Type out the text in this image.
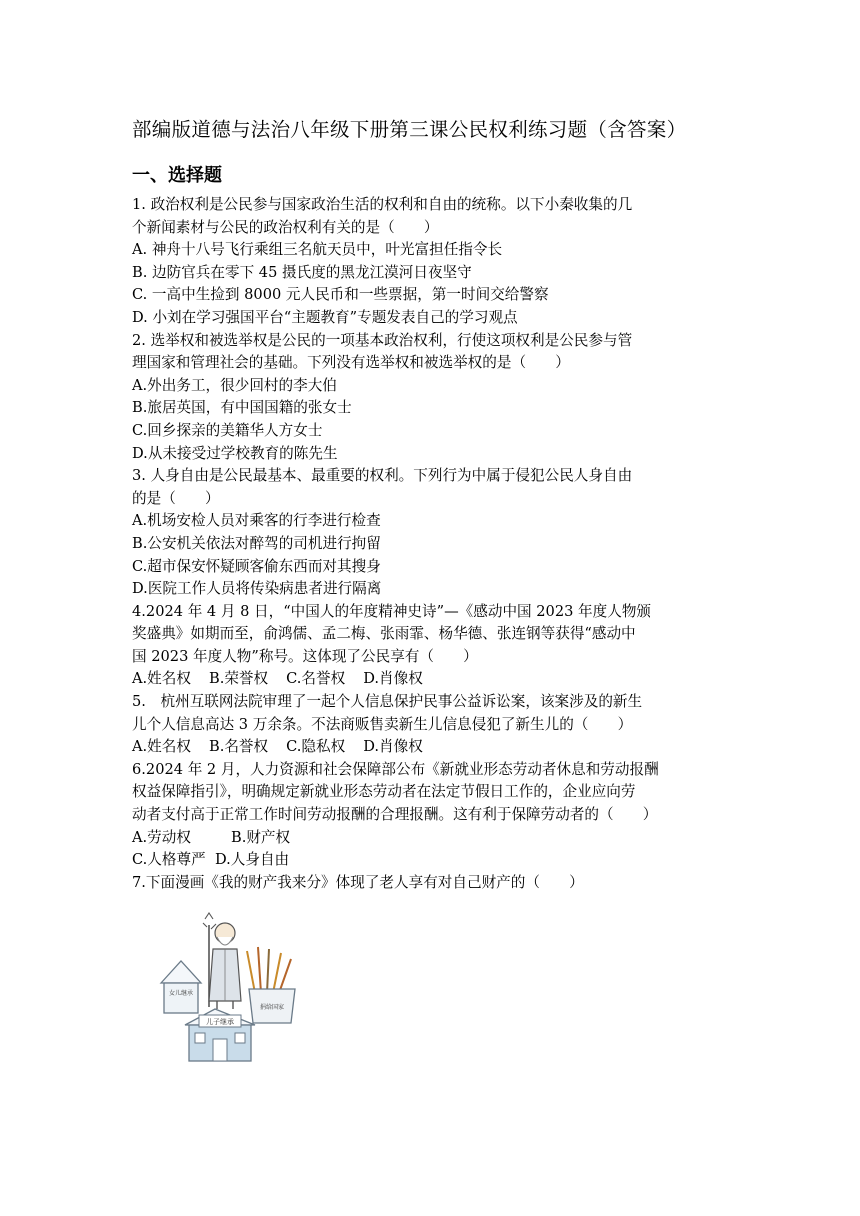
部编版道德与法治八年级下册第三课公民权利练习题（含答案）
一、选择题
1. 政治权利是公民参与国家政治生活的权利和自由的统称。以下小秦收集的几
个新闻素材与公民的政治权利有关的是（　　）
A. 神舟十八号飞行乘组三名航天员中，叶光富担任指令长
B. 边防官兵在零下 45 摄氏度的黑龙江漠河日夜坚守
C. 一高中生捡到 8000 元人民币和一些票据，第一时间交给警察
D. 小刘在学习强国平台“主题教育”专题发表自己的学习观点
2. 选举权和被选举权是公民的一项基本政治权利，行使这项权利是公民参与管
理国家和管理社会的基础。下列没有选举权和被选举权的是（　　）
A.外出务工，很少回村的李大伯
B.旅居英国，有中国国籍的张女士
C.回乡探亲的美籍华人方女士
D.从未接受过学校教育的陈先生
3. 人身自由是公民最基本、最重要的权利。下列行为中属于侵犯公民人身自由
的是（　　）
A.机场安检人员对乘客的行李进行检查
B.公安机关依法对醉驾的司机进行拘留
C.超市保安怀疑顾客偷东西而对其搜身
D.医院工作人员将传染病患者进行隔离
4.2024 年 4 月 8 日，“中国人的年度精神史诗”—《感动中国 2023 年度人物颁
奖盛典》如期而至，俞鸿儒、孟二梅、张雨霏、杨华德、张连钢等获得“感动中
国 2023 年度人物”称号。这体现了公民享有（　　）
A.姓名权 B.荣誉权 C.名誉权 D.肖像权
5.　杭州互联网法院审理了一起个人信息保护民事公益诉讼案，该案涉及的新生
儿个人信息高达 3 万余条。不法商贩售卖新生儿信息侵犯了新生儿的（　　）
A.姓名权 B.名誉权 C.隐私权 D.肖像权
6.2024 年 2 月，人力资源和社会保障部公布《新就业形态劳动者休息和劳动报酬
权益保障指引》，明确规定新就业形态劳动者在法定节假日工作的，企业应向劳
动者支付高于正常工作时间劳动报酬的合理报酬。这有利于保障劳动者的（　　）
A.劳动权	B.财产权
C.人格尊严 D.人身自由
7.下面漫画《我的财产我来分》体现了老人享有对自己财产的（　　）
女儿继承
捐给国家
儿子继承
